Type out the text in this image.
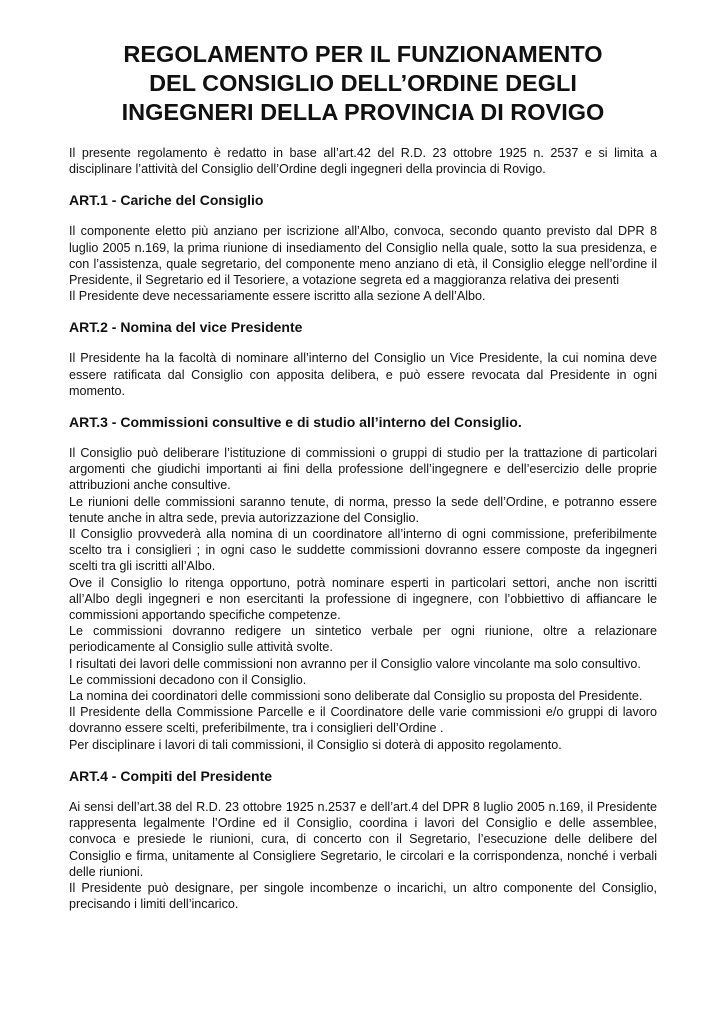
REGOLAMENTO PER IL FUNZIONAMENTO
DEL CONSIGLIO DELL’ORDINE DEGLI
INGEGNERI DELLA PROVINCIA DI ROVIGO

Il presente regolamento è redatto in base all’art.42 del R.D. 23 ottobre 1925 n. 2537 e si limita a disciplinare l’attività del Consiglio dell’Ordine degli ingegneri della provincia di Rovigo.

ART.1 - Cariche del Consiglio

Il componente eletto più anziano per iscrizione all’Albo, convoca, secondo quanto previsto dal DPR 8 luglio 2005 n.169, la prima riunione di insediamento del Consiglio nella quale, sotto la sua presidenza, e con l’assistenza, quale segretario, del componente meno anziano di età, il Consiglio elegge nell’ordine il Presidente, il Segretario ed il Tesoriere, a votazione segreta ed a maggioranza relativa dei presenti

Il Presidente deve necessariamente essere iscritto alla sezione A dell’Albo.

ART.2 - Nomina del vice Presidente

Il Presidente ha la facoltà di nominare all’interno del Consiglio un Vice Presidente, la cui nomina deve essere ratificata dal Consiglio con apposita delibera, e può essere revocata dal Presidente in ogni momento.

ART.3 - Commissioni consultive e di studio all’interno del Consiglio.

Il Consiglio può deliberare l’istituzione di commissioni o gruppi di studio per la trattazione di particolari argomenti che giudichi importanti ai fini della professione dell’ingegnere e dell’esercizio delle proprie attribuzioni anche consultive.

Le riunioni delle commissioni saranno tenute, di norma, presso la sede dell’Ordine, e potranno essere tenute anche in altra sede, previa autorizzazione del Consiglio.

Il Consiglio provvederà alla nomina di un coordinatore all’interno di ogni commissione, preferibilmente scelto tra i consiglieri ; in ogni caso le suddette commissioni dovranno essere composte da ingegneri scelti tra gli iscritti all’Albo.

Ove il Consiglio lo ritenga opportuno, potrà nominare esperti in particolari settori, anche non iscritti all’Albo degli ingegneri e non esercitanti la professione di ingegnere, con l’obbiettivo di affiancare le commissioni apportando specifiche competenze.

Le commissioni dovranno redigere un sintetico verbale per ogni riunione, oltre a relazionare periodicamente al Consiglio sulle attività svolte.

I risultati dei lavori delle commissioni non avranno per il Consiglio valore vincolante ma solo consultivo.

Le commissioni decadono con il Consiglio.

La nomina dei coordinatori delle commissioni sono deliberate dal Consiglio su proposta del Presidente.

Il Presidente della Commissione Parcelle e il Coordinatore delle varie commissioni e/o gruppi di lavoro dovranno essere scelti, preferibilmente, tra i consiglieri dell’Ordine .

Per disciplinare i lavori di tali commissioni, il Consiglio si doterà di apposito regolamento.

ART.4 - Compiti del Presidente

Ai sensi dell’art.38 del R.D. 23 ottobre 1925 n.2537 e dell’art.4 del DPR 8 luglio 2005 n.169, il Presidente rappresenta legalmente l’Ordine ed il Consiglio, coordina i lavori del Consiglio e delle assemblee, convoca e presiede le riunioni, cura, di concerto con il Segretario, l’esecuzione delle delibere del Consiglio e firma, unitamente al Consigliere Segretario, le circolari e la corrispondenza, nonché i verbali delle riunioni.

Il Presidente può designare, per singole incombenze o incarichi, un altro componente del Consiglio, precisando i limiti dell’incarico.
